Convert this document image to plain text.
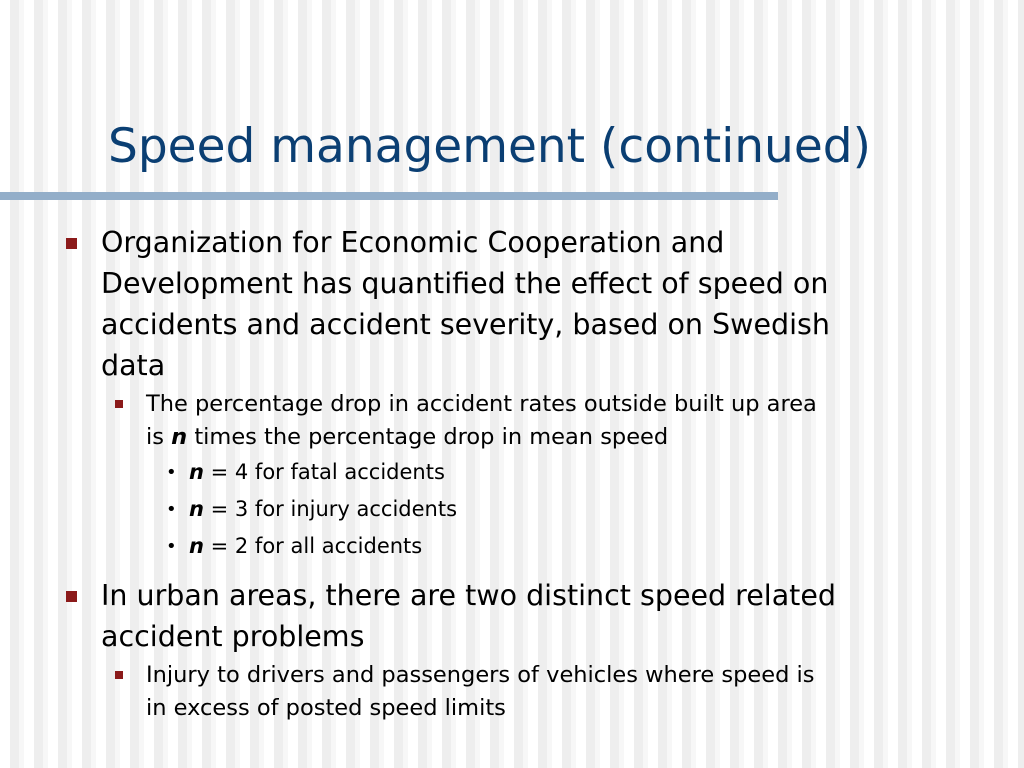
Speed management (continued)
Organization for Economic Cooperation and
Development has quantified the effect of speed on
accidents and accident severity, based on Swedish
data
The percentage drop in accident rates outside built up area
is n times the percentage drop in mean speed
• n = 4 for fatal accidents
• n = 3 for injury accidents
• n = 2 for all accidents
In urban areas, there are two distinct speed related
accident problems
Injury to drivers and passengers of vehicles where speed is
in excess of posted speed limits
